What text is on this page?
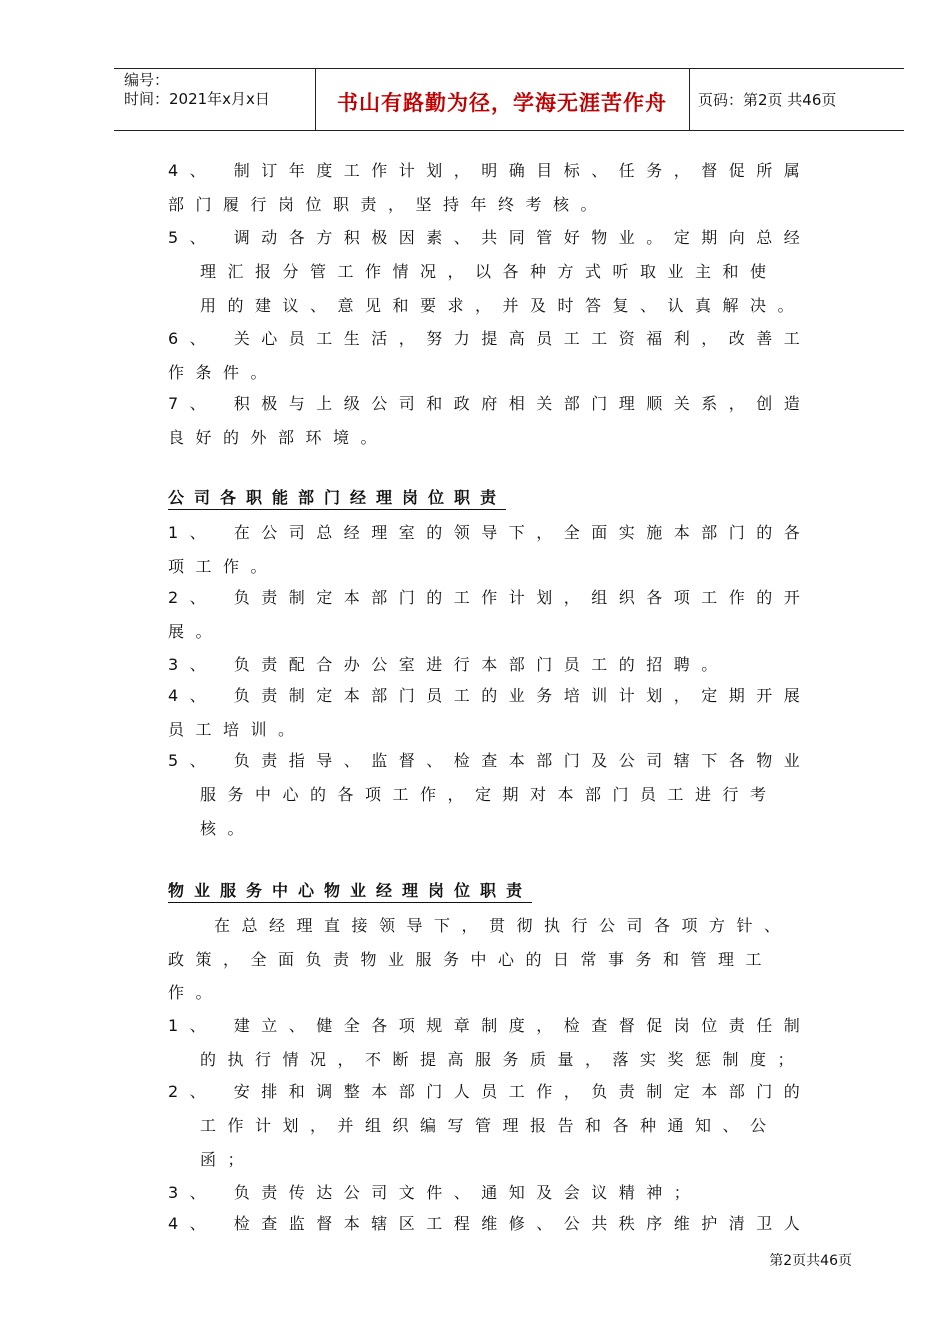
编号：
时间：2021年x月x日	书山有路勤为径，学海无涯苦作舟	页码：第2页 共46页
4、 制订年度工作计划，明确目标、任务，督促所属
部门履行岗位职责，坚持年终考核。
5、 调动各方积极因素、共同管好物业。定期向总经
理汇报分管工作情况，以各种方式听取业主和使
用的建议、意见和要求，并及时答复、认真解决。
6、 关心员工生活，努力提高员工工资福利，改善工
作条件。
7、 积极与上级公司和政府相关部门理顺关系，创造
良好的外部环境。
公司各职能部门经理岗位职责
1、 在公司总经理室的领导下，全面实施本部门的各
项工作。
2、 负责制定本部门的工作计划，组织各项工作的开
展。
3、 负责配合办公室进行本部门员工的招聘。
4、 负责制定本部门员工的业务培训计划，定期开展
员工培训。
5、 负责指导、监督、检查本部门及公司辖下各物业
服务中心的各项工作，定期对本部门员工进行考
核。
物业服务中心物业经理岗位职责
在总经理直接领导下，贯彻执行公司各项方针、
政策，全面负责物业服务中心的日常事务和管理工
作。
1、 建立、健全各项规章制度，检查督促岗位责任制
的执行情况，不断提高服务质量，落实奖惩制度；
2、 安排和调整本部门人员工作，负责制定本部门的
工作计划，并组织编写管理报告和各种通知、公
函；
3、 负责传达公司文件、通知及会议精神；
4、 检查监督本辖区工程维修、公共秩序维护清卫人
第2页共46页
